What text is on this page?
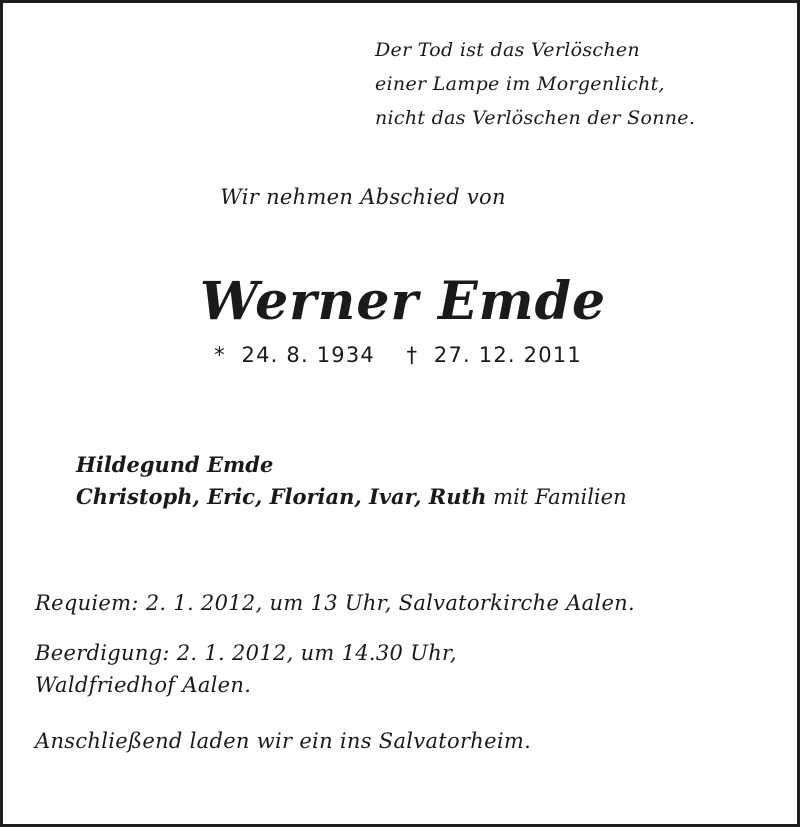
Der Tod ist das Verlöschen
einer Lampe im Morgenlicht,
nicht das Verlöschen der Sonne.
Wir nehmen Abschied von
Werner Emde
*  24. 8. 1934    †  27. 12. 2011
Hildegund Emde
Christoph, Eric, Florian, Ivar, Ruth mit Familien
Requiem: 2. 1. 2012, um 13 Uhr, Salvatorkirche Aalen.
Beerdigung: 2. 1. 2012, um 14.30 Uhr,
Waldfriedhof Aalen.
Anschließend laden wir ein ins Salvatorheim.
